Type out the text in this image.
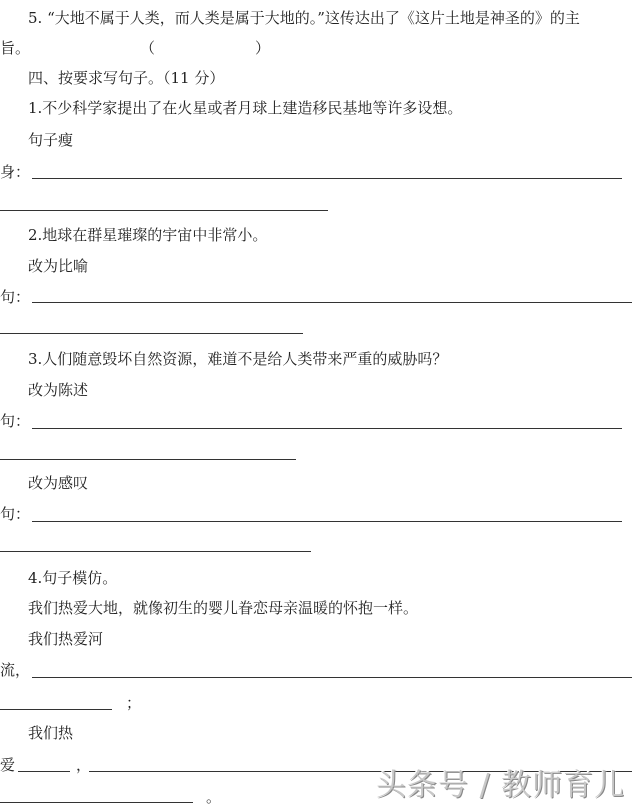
5. “大地不属于人类，而人类是属于大地的。”这传达出了《这片土地是神圣的》的主
旨。	（	）
四、按要求写句子。（11 分）
1.不少科学家提出了在火星或者月球上建造移民基地等许多设想。
句子瘦
身：
2.地球在群星璀璨的宇宙中非常小。
改为比喻
句：
3.人们随意毁坏自然资源，难道不是给人类带来严重的威胁吗？
改为陈述
句：
改为感叹
句：
4.句子模仿。
我们热爱大地，就像初生的婴儿眷恋母亲温暖的怀抱一样。
我们热爱河
流，
；
我们热
爱	，
。	头条号 / 教师育儿
